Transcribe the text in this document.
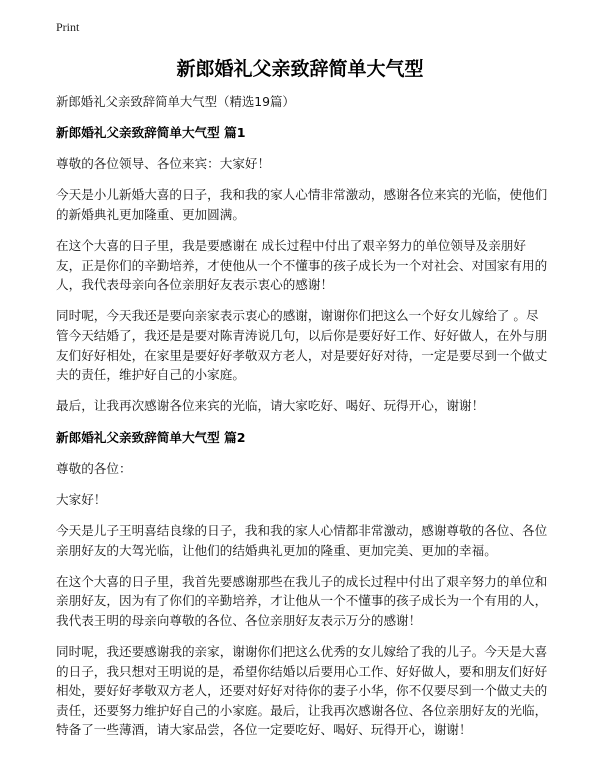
Print
新郎婚礼父亲致辞简单大气型

新郎婚礼父亲致辞简单大气型（精选19篇）

新郎婚礼父亲致辞简单大气型 篇1

尊敬的各位领导、各位来宾：大家好！

今天是小儿新婚大喜的日子，我和我的家人心情非常激动，感谢各位来宾的光临，使他们的新婚典礼更加隆重、更加圆满。

在这个大喜的日子里，我是要感谢在 成长过程中付出了艰辛努力的单位领导及亲朋好友，正是你们的辛勤培养，才使他从一个不懂事的孩子成长为一个对社会、对国家有用的人，我代表母亲向各位亲朋好友表示衷心的感谢！

同时呢，今天我还是要向亲家表示衷心的感谢，谢谢你们把这么一个好女儿嫁给了 。尽管今天结婚了，我还是是要对陈青涛说几句，以后你是要好好工作、好好做人，在外与朋友们好好相处，在家里是要好好孝敬双方老人，对是要好好对待，一定是要尽到一个做丈夫的责任，维护好自己的小家庭。

最后，让我再次感谢各位来宾的光临，请大家吃好、喝好、玩得开心，谢谢！

新郎婚礼父亲致辞简单大气型 篇2

尊敬的各位：

大家好！

今天是儿子王明喜结良缘的日子，我和我的家人心情都非常激动，感谢尊敬的各位、各位亲朋好友的大驾光临，让他们的结婚典礼更加的隆重、更加完美、更加的幸福。

在这个大喜的日子里，我首先要感谢那些在我儿子的成长过程中付出了艰辛努力的单位和亲朋好友，因为有了你们的辛勤培养，才让他从一个不懂事的孩子成长为一个有用的人，我代表王明的母亲向尊敬的各位、各位亲朋好友表示万分的感谢！

同时呢，我还要感谢我的亲家，谢谢你们把这么优秀的女儿嫁给了我的儿子。今天是大喜的日子，我只想对王明说的是，希望你结婚以后要用心工作、好好做人，要和朋友们好好相处，要好好孝敬双方老人，还要对好好对待你的妻子小华，你不仅要尽到一个做丈夫的责任，还要努力维护好自己的小家庭。最后，让我再次感谢各位、各位亲朋好友的光临，特备了一些薄酒，请大家品尝，各位一定要吃好、喝好、玩得开心，谢谢！
